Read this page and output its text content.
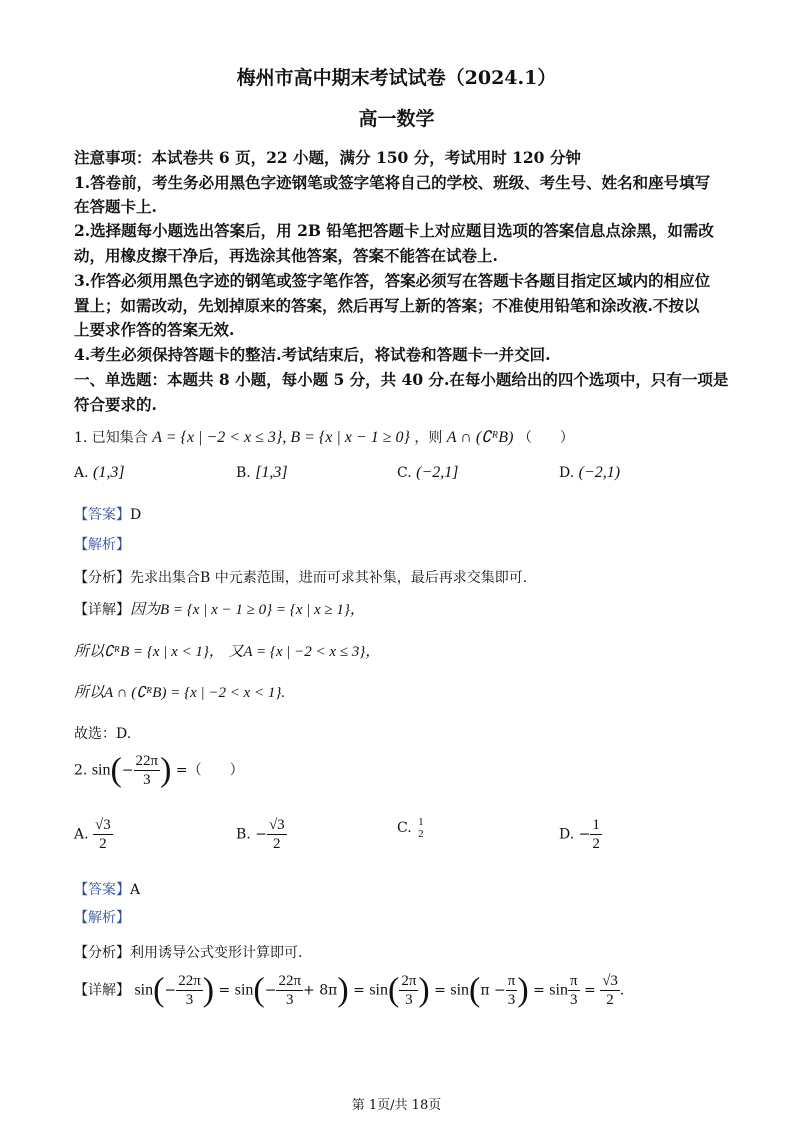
梅州市高中期末考试试卷（2024.1）
高一数学
注意事项：本试卷共 6 页，22 小题，满分 150 分，考试用时 120 分钟
1.答卷前，考生务必用黑色字迹钢笔或签字笔将自己的学校、班级、考生号、姓名和座号填写
在答题卡上.
2.选择题每小题选出答案后，用 2B 铅笔把答题卡上对应题目选项的答案信息点涂黑，如需改
动，用橡皮擦干净后，再选涂其他答案，答案不能答在试卷上.
3.作答必须用黑色字迹的钢笔或签字笔作答，答案必须写在答题卡各题目指定区域内的相应位
置上；如需改动，先划掉原来的答案，然后再写上新的答案；不准使用铅笔和涂改液.不按以
上要求作答的答案无效.
4.考生必须保持答题卡的整洁.考试结束后，将试卷和答题卡一并交回.
一、单选题：本题共 8 小题，每小题 5 分，共 40 分.在每小题给出的四个选项中，只有一项是
符合要求的.
1. 已知集合 A = {x | −2 < x ≤ 3}, B = {x | x − 1 ≥ 0} ，则 A ∩ (∁ᴿB) （　　）
A. (1,3]	B. [1,3]	C. (−2,1]	D. (−2,1)
【答案】D
【解析】
【分析】先求出集合B 中元素范围，进而可求其补集，最后再求交集即可.
【详解】因为B = {x | x − 1 ≥ 0} = {x | x ≥ 1}，
所以∁ᴿB = {x | x < 1}， 又A = {x | −2 < x ≤ 3}，
所以A ∩ (∁ᴿB) = {x | −2 < x < 1}.
故选：D.
2. $\sin(- \frac{22\pi}{3}$ ) =（　　）
A. $\frac{√3}{2}$	B. − $\frac{√3}{2}$	C. 1
2	D. − $\frac{1}{2}$
【答案】A
【解析】
【分析】利用诱导公式变形计算即可.
【详解】 $\sin(- \frac{22\pi}{3}$ ) = $\sin(- \frac{22\pi}{3} + 8\pi) = \sin( \frac{2\pi}{3}$ ) = $\sin(\pi - \frac{\pi}{3}$ ) = $\sin \frac{\pi}{3} = \frac{√3}{2}$ .
第 1页/共 18页
